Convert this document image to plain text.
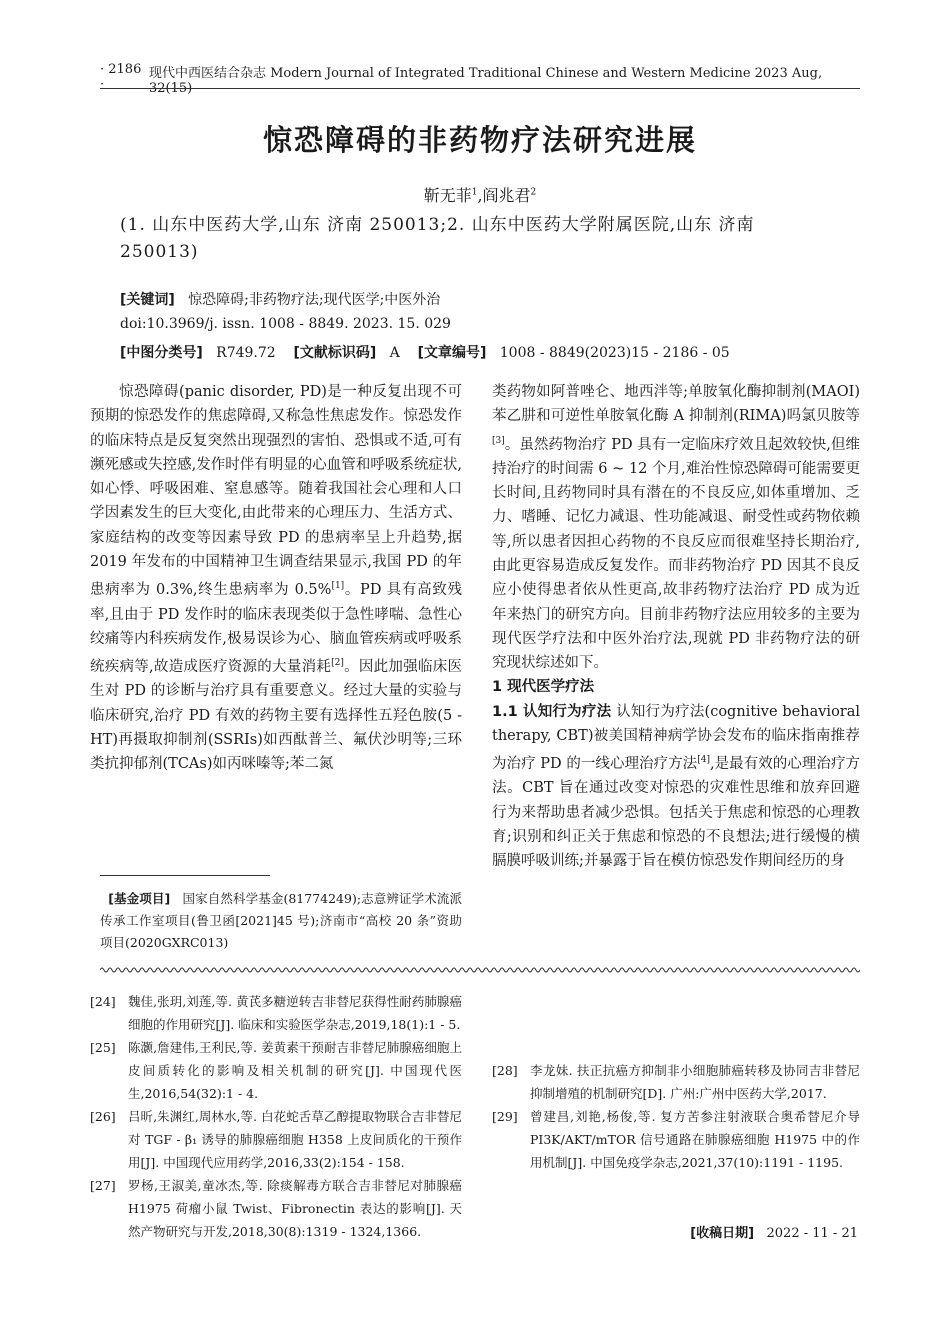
· 2186 ·
现代中西医结合杂志 Modern Journal of Integrated Traditional Chinese and Western Medicine 2023 Aug, 32(15)
惊恐障碍的非药物疗法研究进展
靳无菲$^1$,阎兆君$^2$
(1. 山东中医药大学,山东 济南 250013;2. 山东中医药大学附属医院,山东 济南
250013)
[关键词] 惊恐障碍;非药物疗法;现代医学;中医外治
doi:10.3969/j. issn. 1008 - 8849. 2023. 15. 029
[中图分类号] R749.72 [文献标识码] A [文章编号] 1008 - 8849(2023)15 - 2186 - 05

惊恐障碍(panic disorder, PD)是一种反复出现不可预期的惊恐发作的焦虑障碍,又称急性焦虑发作。惊恐发作的临床特点是反复突然出现强烈的害怕、恐惧或不适,可有濒死感或失控感,发作时伴有明显的心血管和呼吸系统症状,如心悸、呼吸困难、窒息感等。随着我国社会心理和人口学因素发生的巨大变化,由此带来的心理压力、生活方式、家庭结构的改变等因素导致 PD 的患病率呈上升趋势,据 2019 年发布的中国精神卫生调查结果显示,我国 PD 的年患病率为 0.3%,终生患病率为 0.5%[1]。PD 具有高致残率,且由于 PD 发作时的临床表现类似于急性哮喘、急性心绞痛等内科疾病发作,极易误诊为心、脑血管疾病或呼吸系统疾病等,故造成医疗资源的大量消耗[2]。因此加强临床医生对 PD 的诊断与治疗具有重要意义。经过大量的实验与临床研究,治疗 PD 有效的药物主要有选择性五羟色胺(5 - HT)再摄取抑制剂(SSRIs)如西酞普兰、氟伏沙明等;三环类抗抑郁剂(TCAs)如丙咪嗪等;苯二氮

类药物如阿普唑仑、地西泮等;单胺氧化酶抑制剂(MAOI)苯乙肼和可逆性单胺氧化酶 A 抑制剂(RIMA)吗氯贝胺等[3]。虽然药物治疗 PD 具有一定临床疗效且起效较快,但维持治疗的时间需 6 ~ 12 个月,难治性惊恐障碍可能需要更长时间,且药物同时具有潜在的不良反应,如体重增加、乏力、嗜睡、记忆力减退、性功能减退、耐受性或药物依赖等,所以患者因担心药物的不良反应而很难坚持长期治疗,由此更容易造成反复发作。而非药物治疗 PD 因其不良反应小使得患者依从性更高,故非药物疗法治疗 PD 成为近年来热门的研究方向。目前非药物疗法应用较多的主要为现代医学疗法和中医外治疗法,现就 PD 非药物疗法的研究现状综述如下。

1 现代医学疗法

1.1 认知行为疗法 认知行为疗法(cognitive behavioral therapy, CBT)被美国精神病学协会发布的临床指南推荐为治疗 PD 的一线心理治疗方法[4],是最有效的心理治疗方法。CBT 旨在通过改变对惊恐的灾难性思维和放弃回避行为来帮助患者减少恐惧。包括关于焦虑和惊恐的心理教育;识别和纠正关于焦虑和惊恐的不良想法;进行缓慢的横膈膜呼吸训练;并暴露于旨在模仿惊恐发作期间经历的身

[基金项目] 国家自然科学基金(81774249);志意辨证学术流派传承工作室项目(鲁卫函[2021]45 号);济南市“高校 20 条”资助项目(2020GXRC013)
[24] 魏佳,张玥,刘莲,等. 黄芪多糖逆转吉非替尼获得性耐药肺腺癌细胞的作用研究[J]. 临床和实验医学杂志,2019,18(1):1 - 5.
[25] 陈灏,詹建伟,王利民,等. 姜黄素干预耐吉非替尼肺腺癌细胞上皮间质转化的影响及相关机制的研究[J]. 中国现代医生,2016,54(32):1 - 4.
[26] 吕昕,朱渊红,周林水,等. 白花蛇舌草乙醇提取物联合吉非替尼对 TGF - β₁ 诱导的肺腺癌细胞 H358 上皮间质化的干预作用[J]. 中国现代应用药学,2016,33(2):154 - 158.
[27] 罗杨,王淑美,童冰杰,等. 除痰解毒方联合吉非替尼对肺腺癌 H1975 荷瘤小鼠 Twist、Fibronectin 表达的影响[J]. 天然产物研究与开发,2018,30(8):1319 - 1324,1366.
[28] 李龙妹. 扶正抗癌方抑制非小细胞肺癌转移及协同吉非替尼抑制增殖的机制研究[D]. 广州:广州中医药大学,2017.
[29] 曾建昌,刘艳,杨俊,等. 复方苦参注射液联合奥希替尼介导 PI3K/AKT/mTOR 信号通路在肺腺癌细胞 H1975 中的作用机制[J]. 中国免疫学杂志,2021,37(10):1191 - 1195.
[收稿日期] 2022 - 11 - 21
